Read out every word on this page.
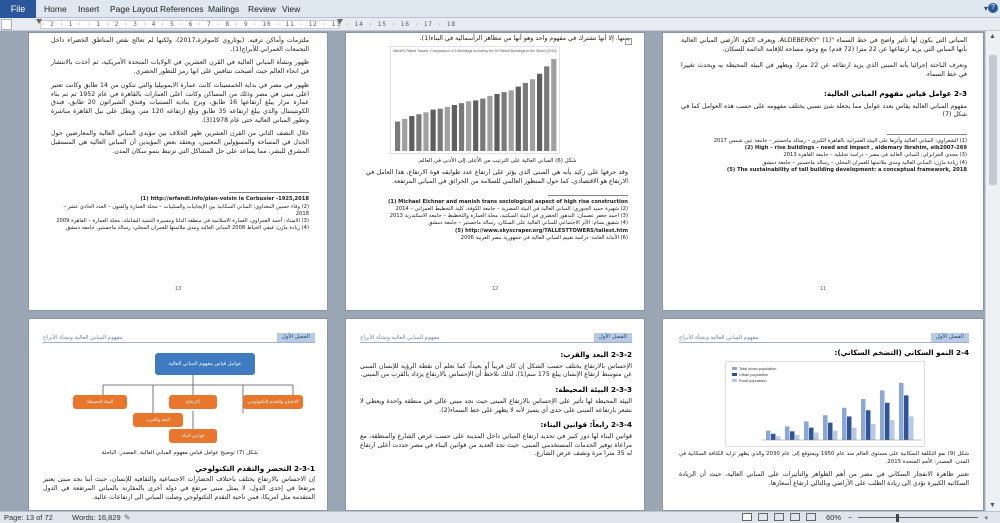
File	Home Insert Page Layout References Mailings Review View	▾ ?
· 2 · 1 · · 1 · 2 · 3 · 4 · 5 · 6 · 7 · 8 · 9 · 10 · 11 · 12 · 13 · 14 · 15 · 16 · 17 · 18

ملتزمات وأماكن ترفيه. (بوثاروي كاموغرة،2017)، ولكنها لم تعالج نقص المناطق الخضراء داخل التجمعات العمراني للأبراج(1).

ظهور ونشأة المباني العالية في القرن العشرين في الولايات المتحدة الأمريكية، ثم أخذت بالانتشار في انحاء العالم حيث أصبحت تتنافس على انها رمز للتطور الحضري.

ظهور في مصر في بداية الخمسينات كانت عمارة الايموبيليا والتي تتكون من 14 طابق وكانت تعتبر اعلى مبنى في مصر وذلك من المساكن وكانت اعلى العمارات بالقاهرة في عام 1952 ثم تم بناء عمارة مزار يبلغ ارتفاعها 16 طابق، وبرج بنادية السبتيات وفندق الشيراتون 20 طابق، فندق الكونتيننتال والذي يبلغ ارتفاعه 35 طابق وبلغ ارتفاعه 120 متر، ويطل على نيل القاهرة مباشرة وتطور المباني العالية حتى عام 1978(3).

خلال النصف الثاني من القرن العشرين ظهر الخلاف بين مؤيدي المباني العالية والمعارضين حول الجدل في المساحة والمسؤولين المعنيين، ويعتقد بعض المؤيدين أن المباني العالية هي المستقبل المشرق للبشر، مما يساعد على حل المشاكل التي ترتبط بنمو سكان المدن.

(1) http://erfandi.info/plan-voisin le Corbusier -1925,2018

(2) وفاء حسين المعداوي: المباني السكانية بين الإيجابيات والسلبيات – مجلة العمارة والفنون – العدد الحادي عشر – 2018

(3) الاستاذ: أحمد الغمراوي، العمارة الاسلامية في منطقة الدلتا ومسيرة التنمية الشاملة، مجلة العمارة – القاهرة 2009

(4) زيادة مازن، فيفي الخياط 2008 المباني العالية ومدى ملائمتها للعمران المحلي، رسالة ماجستير، جامعة دمشق

13

منها. إلا أنها تشترك في مفهوم واحد وهو أنها من مظاهر الرأسمالية في البناء(1).

World's Tallest Towers: Comparison of 5 Buildings Including the 50 Tallest Buildings in the World (2015)

شكل (6) المباني العالية على الترتيب من الأعلى إلى الأدنى في العالم.

وقد حرفها علي زكيد بأنه هي المبنى الذي يؤثر على ارتفاع عدد طوابقه قوة الارتفاع، هذا العامل في الارتفاع هو الاقتصادي، كما حول المنظور العالمي للسلامة من الحرائق في المباني المرتفعة.

(1) Michael Eichner and manish trans sociological aspect of high rise construction

(2) شهيرة حميد الجبوري: المباني العالية في البيئة المصرية – جامعة الكوفة، كلية التخطيط العمراني – 2014

(3) احمد جعفر عصمان: التدهور الحضري في البيئة السكنية، مجلة العمارة والتخطيط – جامعة الاسكندرية 2013

(4) شقيق بسام: الأثر الاجتماعي للمباني العالية على السكان، رسالة ماجستير – جامعة دمشق

(5) http://www.skyscraper.org/TALLESTTOWERS/tallest.htm

(6) الأمانة العامة: دراسة تقييم المباني العالية في جمهورية مصر العربية 2006

+
12

المباني التي يكون لها تأثير واضح في خط السماء "ALDEBERKY" (1)، ويعرف الكود الأرضي المباني العالية بأنها المباني التي يزيد ارتفاعها عن 22 مترا (72 قدم) مع وجود مساحة للإقامة الدائمة للسكان.

وتعرف الباحثة إجرائيا بأنه المبنى الذي يزيد ارتفاعه عن 22 مترا، ويظهر في البيئة المحيطة به ويحدث تغييرا في خط السماء.

2-3 عوامل قياس مفهوم المباني العالية:

مفهوم المباني العالية يقاس بعدد عوامل مما يجعلة شئ نسبي يختلف مفهومه على حسب هذه العوامل كما في شكل (7)

(1) الشعراوي: المباني العالية وأثرها على البيئة العمرانية بالقاهرة الكبرى – رسالة ماجستير – جامعة عين شمس 2017

(2) High – rise buildings – need and impact , aldemary Ibrahim, eib2007-269

(3) مجدي الجزايرلي: المباني العالية في مصر – دراسة تحليلية – جامعة القاهرة 2013

(4) زيادة مازن: المباني العالية ومدى ملائمتها للعمران المحلي – رسالة ماجستير – جامعة دمشق

(5) The sustainability of tall building development: a conceptual framework, 2018

11
الفصل الأول
مفهوم المباني العالية ونشأة الأبراج
عوامل قياس مفهوم المباني العالية
الاحتياج والتقدم التكنولوجي
البيئة المحيطة	الارتفاع
البعد والقرب
قوانين البناء

شكل (7) توضيح عوامل قياس مفهوم المباني العالية. المصدر: الباحثة.

2-3-1 التحضر والتقدم التكنولوجي

إن الاحساس بالارتفاع يختلف باختلاف الحضارات الاجتماعية والثقافية للإنسان، حيث أننا نجد مبنى يعتبر مرتفعا في إحدى الدول، لا يمثل مبنى مرتفع في دولة أخرى بالمقارنة بالمباني المرتفعة في الدول المتقدمة مثل امريكا، فمن ناحية التقدم التكنولوجي وصلت المباني الى ارتفاعات عالية.

الفصل الأول
مفهوم المباني العالية ونشأة الأبراج

2-3-2 البعد والقرب:

الإحساس بالارتفاع يختلف حسب الشكل إن كان قريباً أو بعيداً، كما نعلم أن نقطة الرؤية للإنسان المبنى عن متوسط ارتفاع الإنسان يبلغ 175 سم(1)، لذلك نلاحظ أن الإحساس بالارتفاع يزداد بالقرب من المبنى.

2-3-3 البيئة المحيطة:

البيئة المحيطة لها تأثير على الإحساس بالارتفاع المبنى حيث نجد مبنى عالي في منطقة واحدة ويعطي لا نشعر بارتفاعه المبنى على حدى أي يتميز لأنه لا يظهر على خط السماء(2).

2-3-4 رابعاً: قوانين البناء:

قوانين البناء لها دور كبير في تحديد ارتفاع المباني داخل المدينة على حسب عرض الشارع والمنطقة، مع مراعاة توفير الخدمات المستخدمي المبنى، حيث نجد العديد من قوانين البناء في مصر حددت أعلى ارتفاع له 35 مترا مرة ونصف عرض الشارع.

الفصل الأول
مفهوم المباني العالية ونشأة الأبراج

2-4 النمو السكاني (التضخم السكاني):

Total urban population
Urban population
Rural population

شكل (9) نمو التكلفة السكانية على مستوى العالم منذ عام 1950 ويمتوقع إلى عام 2030 والذي يظهر تزايد الكثافة السكانية في المدن. المصدر: الأمم المتحدة 2015.

تعتبر ظاهرة الانفجار السكاني في مصر من أهم الظواهر والتأثيرات على المباني العالية، حيث أن الزيادة السكانية الكبيرة تؤدي الى زيادة الطلب على الأراضي وبالتالي ارتفاع أسعارها.

▲
▼
Page: 13 of 72	Words: 16,829 ✎	60% −	+
